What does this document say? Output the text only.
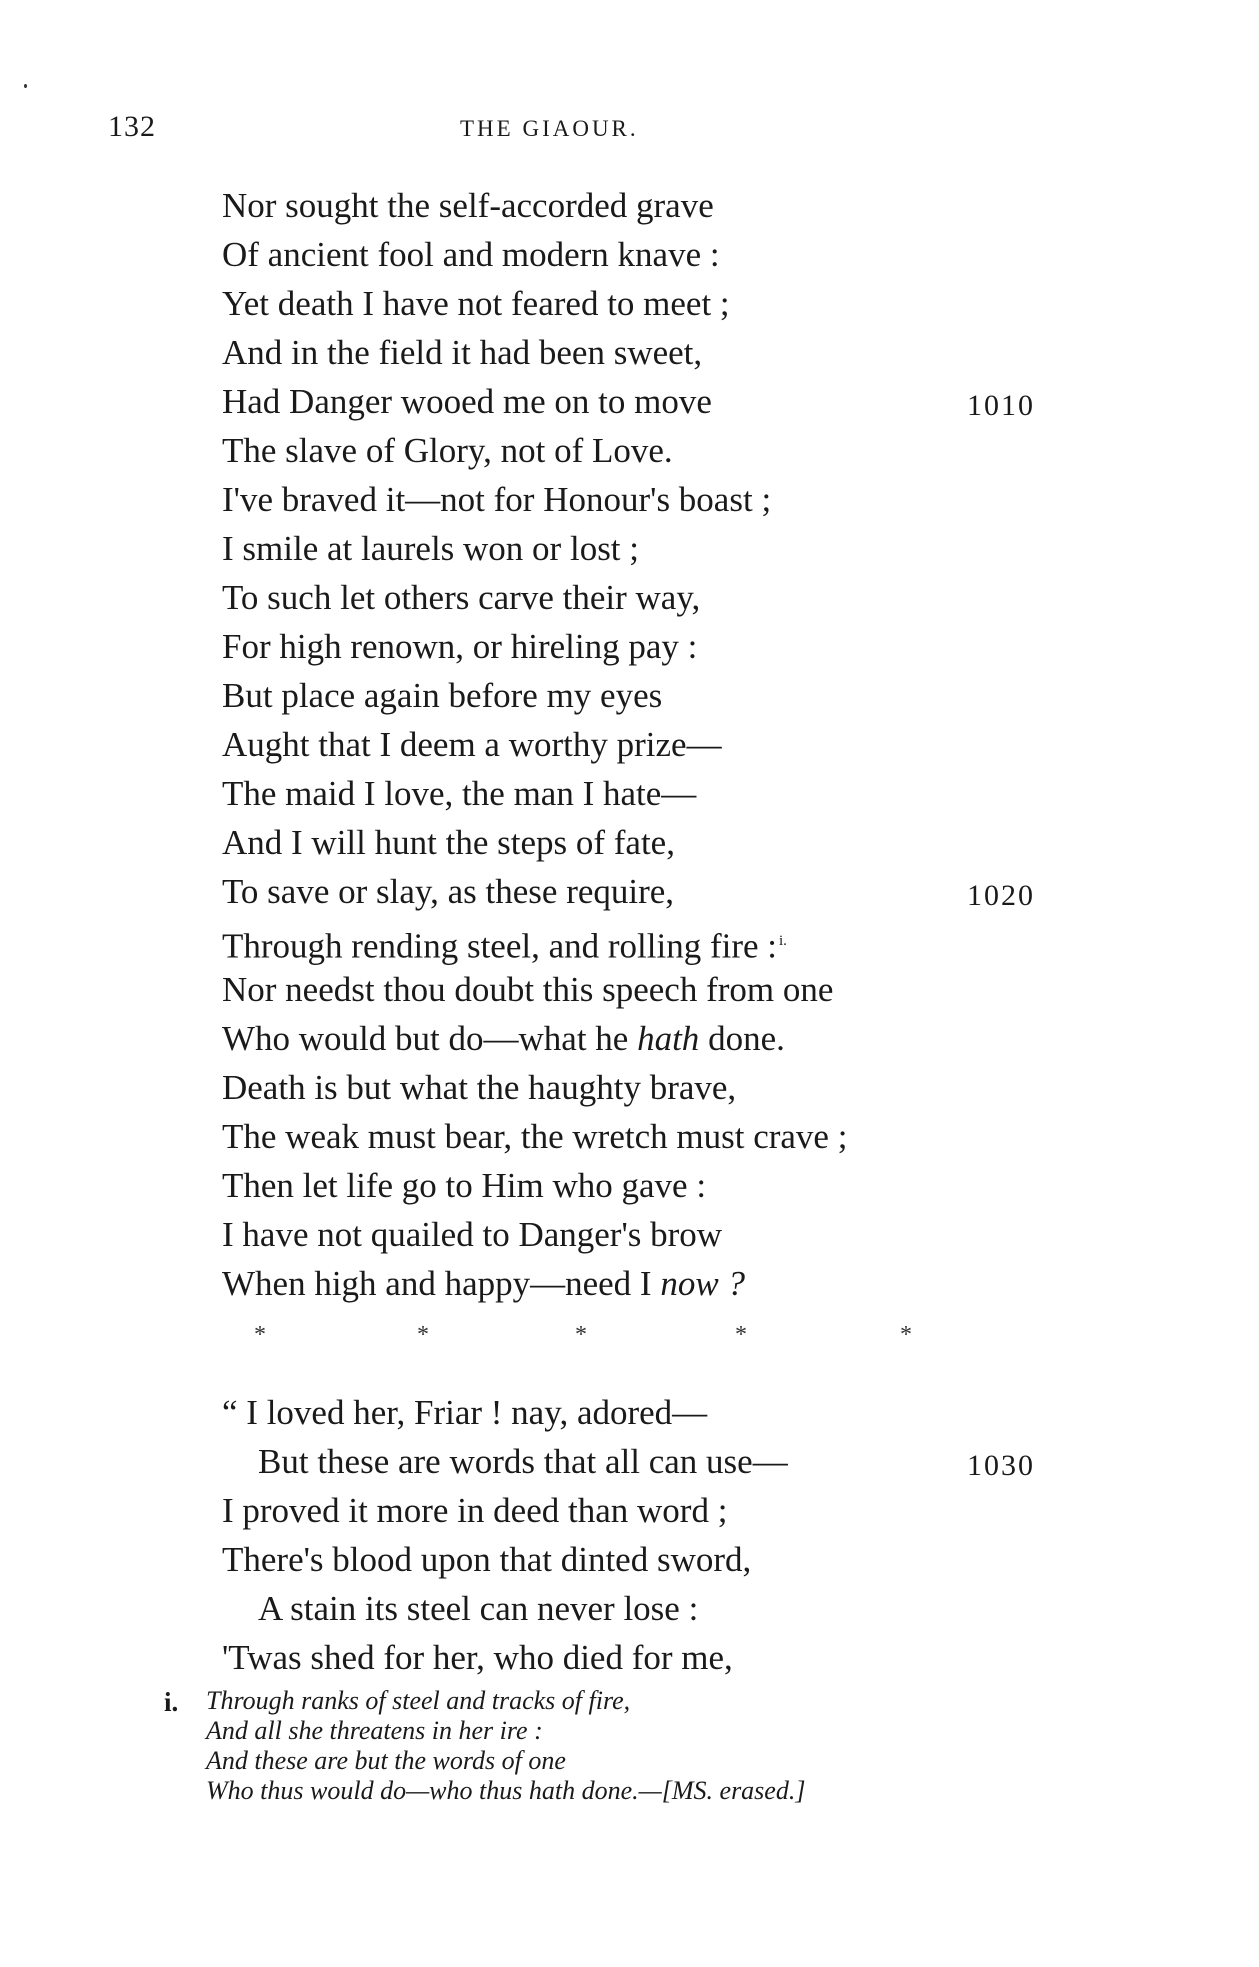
132	THE GIAOUR.
Nor sought the self-accorded grave
Of ancient fool and modern knave :
Yet death I have not feared to meet ;
And in the field it had been sweet,
Had Danger wooed me on to move	1010
The slave of Glory, not of Love.
I've braved it—not for Honour's boast ;
I smile at laurels won or lost ;
To such let others carve their way,
For high renown, or hireling pay :
But place again before my eyes
Aught that I deem a worthy prize—
The maid I love, the man I hate—
And I will hunt the steps of fate,
To save or slay, as these require,	1020
Through rending steel, and rolling fire : $^{i.}$
Nor needst thou doubt this speech from one
Who would but do—what he hath done.
Death is but what the haughty brave,
The weak must bear, the wretch must crave ;
Then let life go to Him who gave :
I have not quailed to Danger's brow
When high and happy—need I now ?
*	*	*	*	*
“ I loved her, Friar ! nay, adored—
But these are words that all can use—	1030
I proved it more in deed than word ;
There's blood upon that dinted sword,
A stain its steel can never lose :
'Twas shed for her, who died for me,
i. Through ranks of steel and tracks of fire,
And all she threatens in her ire :
And these are but the words of one
Who thus would do—who thus hath done.—[MS. erased.]
